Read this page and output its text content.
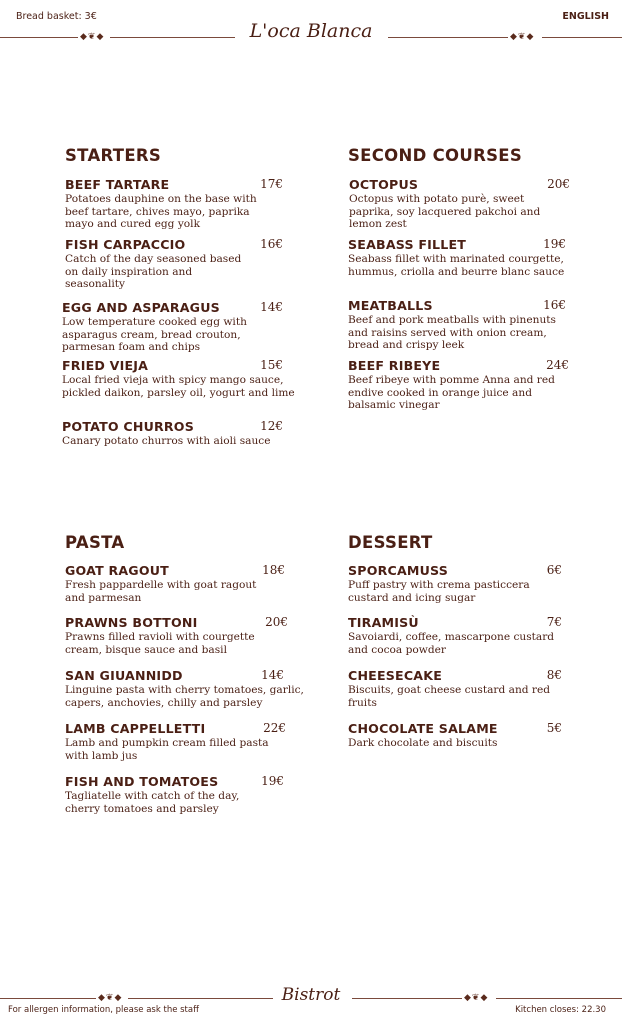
Bread basket: 3€	ENGLISH
◆❦◆	L'oca Blanca	◆❦◆
STARTERS
BEEF TARTARE	17€
Potatoes dauphine on the base with beef tartare, chives mayo, paprika mayo and cured egg yolk
FISH CARPACCIO	16€
Catch of the day seasoned based on daily inspiration and seasonality
EGG AND ASPARAGUS	14€
Low temperature cooked egg with asparagus cream, bread crouton, parmesan foam and chips
FRIED VIEJA	15€
Local fried vieja with spicy mango sauce, pickled daikon, parsley oil, yogurt and lime
POTATO CHURROS	12€
Canary potato churros with aioli sauce
SECOND COURSES
OCTOPUS	20€
Octopus with potato purè, sweet paprika, soy lacquered pakchoi and lemon zest
SEABASS FILLET	19€
Seabass fillet with marinated courgette, hummus, criolla and beurre blanc sauce
MEATBALLS	16€
Beef and pork meatballs with pinenuts and raisins served with onion cream, bread and crispy leek
BEEF RIBEYE	24€
Beef ribeye with pomme Anna and red endive cooked in orange juice and balsamic vinegar
PASTA
GOAT RAGOUT	18€
Fresh pappardelle with goat ragout and parmesan
PRAWNS BOTTONI	20€
Prawns filled ravioli with courgette cream, bisque sauce and basil
SAN GIUANNIDD	14€
Linguine pasta with cherry tomatoes, garlic, capers, anchovies, chilly and parsley
LAMB CAPPELLETTI	22€
Lamb and pumpkin cream filled pasta with lamb jus
FISH AND TOMATOES	19€
Tagliatelle with catch of the day, cherry tomatoes and parsley
DESSERT
SPORCAMUSS	6€
Puff pastry with crema pasticcera custard and icing sugar
TIRAMISÙ	7€
Savoiardi, coffee, mascarpone custard and cocoa powder
CHEESECAKE	8€
Biscuits, goat cheese custard and red fruits
CHOCOLATE SALAME	5€
Dark chocolate and biscuits
◆❦◆	Bistrot	◆❦◆
For allergen information, please ask the staff	Kitchen closes: 22.30
